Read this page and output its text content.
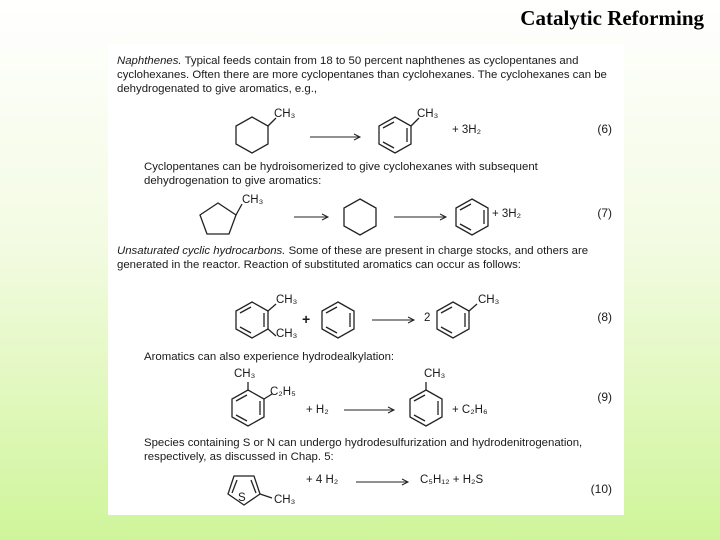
Catalytic Reforming
Naphthenes. Typical feeds contain from 18 to 50 percent naphthenes as cyclopentanes and cyclohexanes. Often there are more cyclopentanes than cyclohexanes. The cyclohexanes can be dehydrogenated to give aromatics, e.g.,
CH₃	CH₃
+ 3H₂	(6)
Cyclopentanes can be hydroisomerized to give cyclohexanes with subsequent dehydrogenation to give aromatics:
CH₃
+ 3H₂	(7)
Unsaturated cyclic hydrocarbons. Some of these are present in charge stocks, and others are generated in the reactor. Reaction of substituted aromatics can occur as follows:
CH₃
CH₃
+	2
CH₃
(8)
Aromatics can also experience hydrodealkylation:
CH₃
C₂H₅
+ H₂
CH₃
+ C₂H₆
(9)
Species containing S or N can undergo hydrodesulfurization and hydrodenitrogenation, respectively, as discussed in Chap. 5:
S CH₃
+ 4 H₂	C₅H₁₂ + H₂S
(10)
